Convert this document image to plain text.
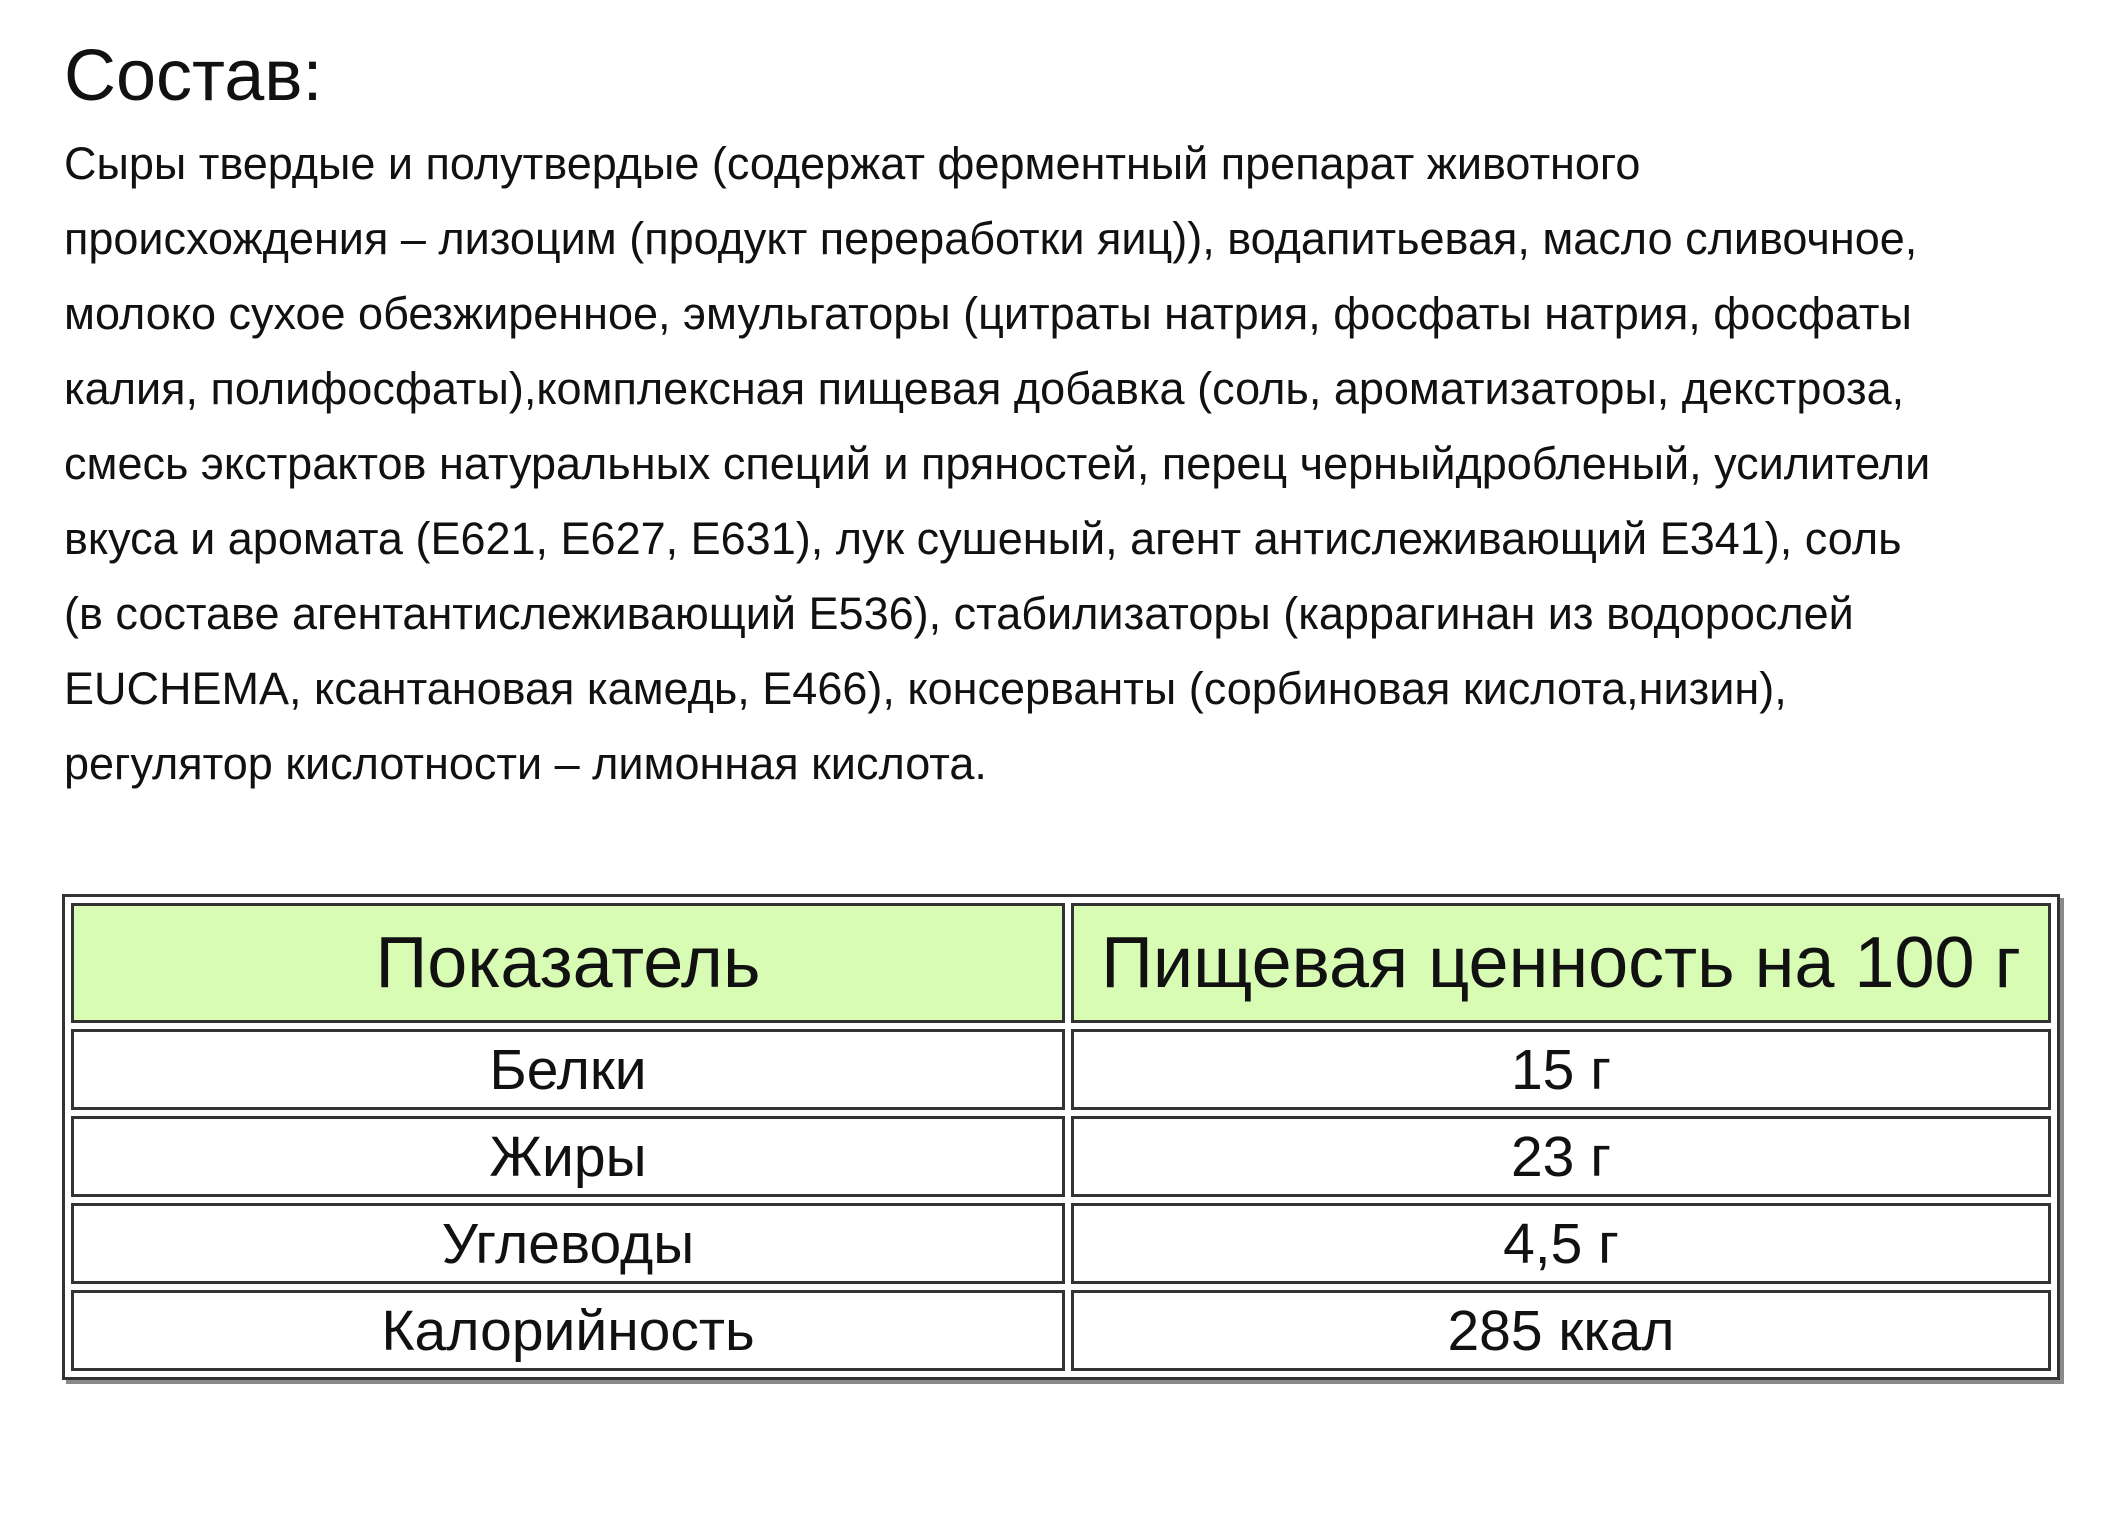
Состав:

Сыры твердые и полутвердые (содержат ферментный препарат животного
происхождения – лизоцим (продукт переработки яиц)), водапитьевая, масло сливочное,
молоко сухое обезжиренное, эмульгаторы (цитраты натрия, фосфаты натрия, фосфаты
калия, полифосфаты),комплексная пищевая добавка (соль, ароматизаторы, декстроза,
смесь экстрактов натуральных специй и пряностей, перец черныйдробленый, усилители
вкуса и аромата (Е621, Е627, Е631), лук сушеный, агент антислеживающий Е341), соль
(в составе агентантислеживающий Е536), стабилизаторы (каррагинан из водорослей
EUCHEMA, ксантановая камедь, Е466), консерванты (сорбиновая кислота,низин),
регулятор кислотности – лимонная кислота.

Показатель	Пищевая ценность на 100 г
Белки	15 г
Жиры	23 г
Углеводы	4,5 г
Калорийность	285 ккал
